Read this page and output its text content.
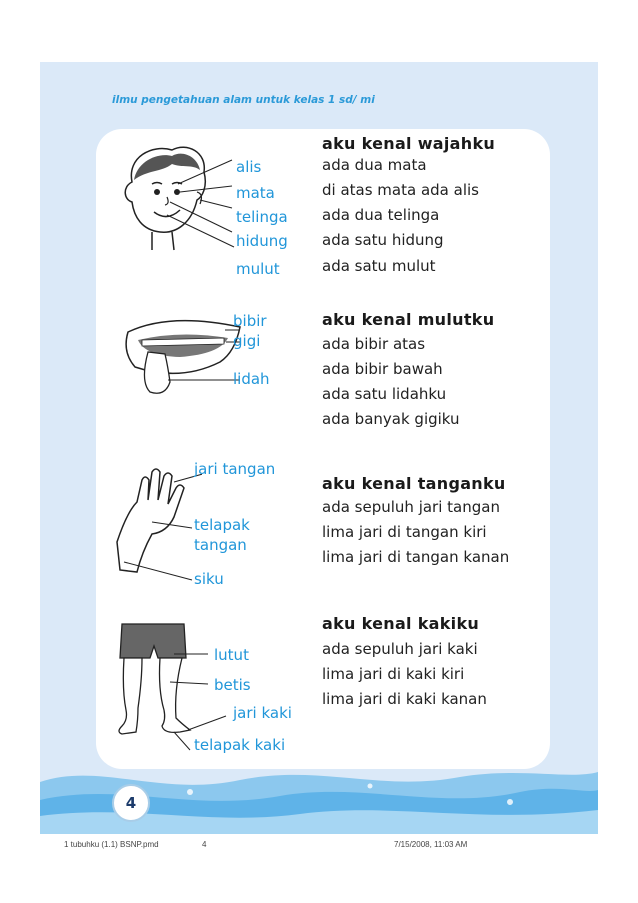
ilmu pengetahuan alam untuk kelas 1 sd/ mi
alis
mata
telinga
hidung
mulut
bibir
gigi
lidah
jari tangan
telapak
tangan
siku
lutut
betis
jari kaki
telapak kaki
aku kenal wajahku
ada dua mata
di atas mata ada alis
ada dua telinga
ada satu hidung
ada satu mulut
aku kenal mulutku
ada bibir atas
ada bibir bawah
ada satu lidahku
ada banyak gigiku
aku kenal tanganku
ada sepuluh jari tangan
lima jari di tangan kiri
lima jari di tangan kanan
aku kenal kakiku
ada sepuluh jari kaki
lima jari di kaki kiri
lima jari di kaki kanan
4
1 tubuhku (1.1) BSNP.pmd	4	7/15/2008, 11:03 AM
